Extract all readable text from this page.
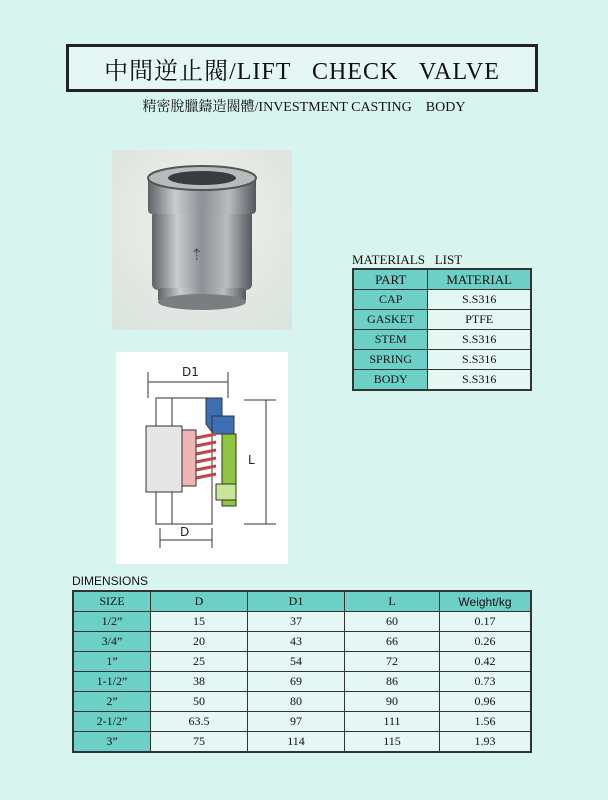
中間逆止閥/LIFT   CHECK   VALVE
精密脫臘鑄造閥體/INVESTMENT CASTING    BODY
⇡
D1
L
D
MATERIALS   LIST
PART	MATERIAL
CAP	S.S316
GASKET	PTFE
STEM	S.S316
SPRING	S.S316
BODY	S.S316
DIMENSIONS
SIZE	D	D1	L	Weight/kg
1/2”	15	37	60	0.17
3/4”	20	43	66	0.26
1”	25	54	72	0.42
1-1/2”	38	69	86	0.73
2”	50	80	90	0.96
2-1/2”	63.5	97	111	1.56
3”	75	114	115	1.93
